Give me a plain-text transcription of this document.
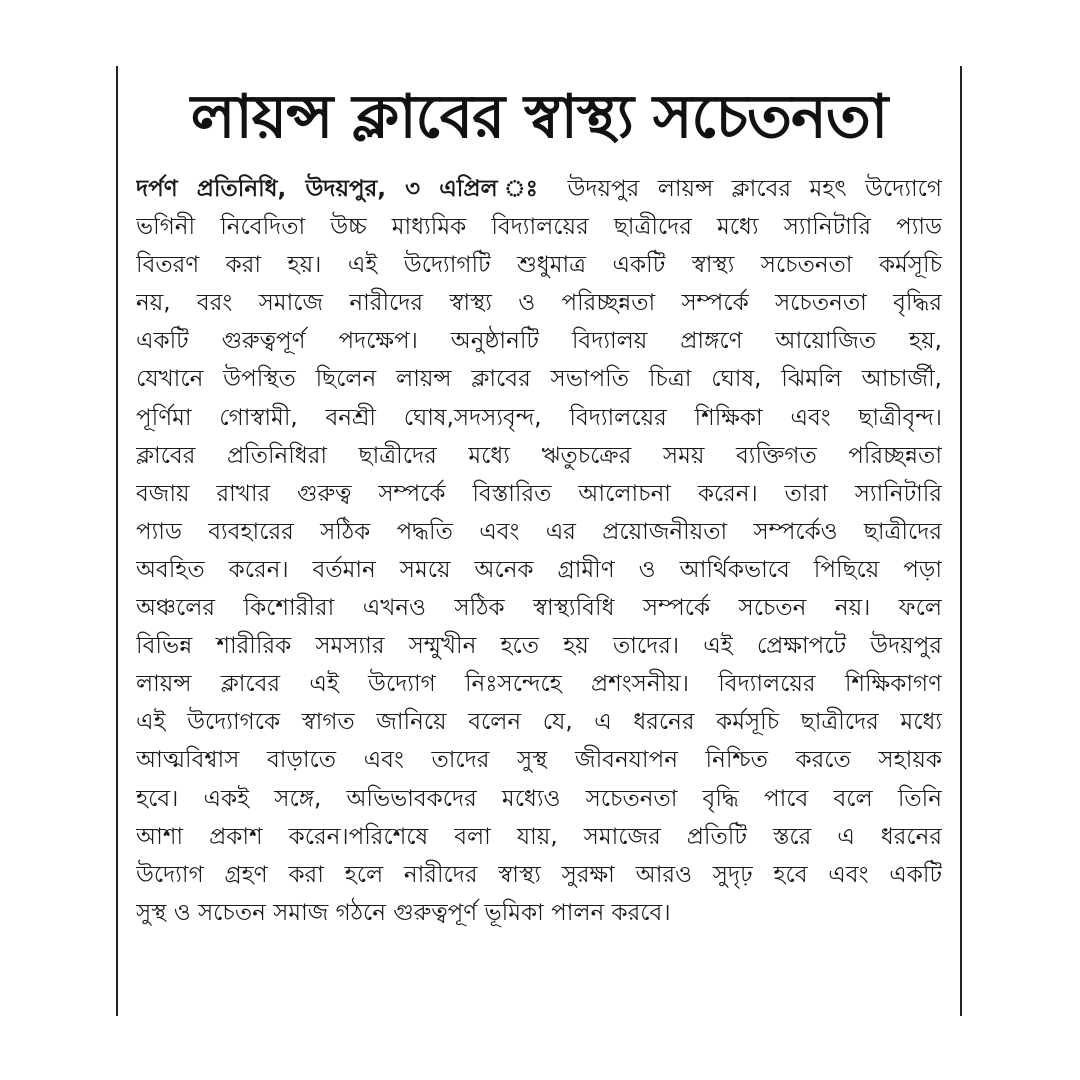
লায়ন্স ক্লাবের স্বাস্থ্য সচেতনতা
দর্পণ প্রতিনিধি, উদয়পুর, ৩ এপ্রিল ঃ উদয়পুর লায়ন্স ক্লাবের মহৎ উদ্যোগে
ভগিনী নিবেদিতা উচ্চ মাধ্যমিক বিদ্যালয়ের ছাত্রীদের মধ্যে স্যানিটারি প্যাড
বিতরণ করা হয়। এই উদ্যোগটি শুধুমাত্র একটি স্বাস্থ্য সচেতনতা কর্মসূচি
নয়, বরং সমাজে নারীদের স্বাস্থ্য ও পরিচ্ছন্নতা সম্পর্কে সচেতনতা বৃদ্ধির
একটি গুরুত্বপূর্ণ পদক্ষেপ। অনুষ্ঠানটি বিদ্যালয় প্রাঙ্গণে আয়োজিত হয়,
যেখানে উপস্থিত ছিলেন লায়ন্স ক্লাবের সভাপতি চিত্রা ঘোষ, ঝিমলি আচার্জী,
পূর্ণিমা গোস্বামী, বনশ্রী ঘোষ,সদস্যবৃন্দ, বিদ্যালয়ের শিক্ষিকা এবং ছাত্রীবৃন্দ।
ক্লাবের প্রতিনিধিরা ছাত্রীদের মধ্যে ঋতুচক্রের সময় ব্যক্তিগত পরিচ্ছন্নতা
বজায় রাখার গুরুত্ব সম্পর্কে বিস্তারিত আলোচনা করেন। তারা স্যানিটারি
প্যাড ব্যবহারের সঠিক পদ্ধতি এবং এর প্রয়োজনীয়তা সম্পর্কেও ছাত্রীদের
অবহিত করেন। বর্তমান সময়ে অনেক গ্রামীণ ও আর্থিকভাবে পিছিয়ে পড়া
অঞ্চলের কিশোরীরা এখনও সঠিক স্বাস্থ্যবিধি সম্পর্কে সচেতন নয়। ফলে
বিভিন্ন শারীরিক সমস্যার সম্মুখীন হতে হয় তাদের। এই প্রেক্ষাপটে উদয়পুর
লায়ন্স ক্লাবের এই উদ্যোগ নিঃসন্দেহে প্রশংসনীয়। বিদ্যালয়ের শিক্ষিকাগণ
এই উদ্যোগকে স্বাগত জানিয়ে বলেন যে, এ ধরনের কর্মসূচি ছাত্রীদের মধ্যে
আত্মবিশ্বাস বাড়াতে এবং তাদের সুস্থ জীবনযাপন নিশ্চিত করতে সহায়ক
হবে। একই সঙ্গে, অভিভাবকদের মধ্যেও সচেতনতা বৃদ্ধি পাবে বলে তিনি
আশা প্রকাশ করেন।পরিশেষে বলা যায়, সমাজের প্রতিটি স্তরে এ ধরনের
উদ্যোগ গ্রহণ করা হলে নারীদের স্বাস্থ্য সুরক্ষা আরও সুদৃঢ় হবে এবং একটি
সুস্থ ও সচেতন সমাজ গঠনে গুরুত্বপূর্ণ ভূমিকা পালন করবে।
